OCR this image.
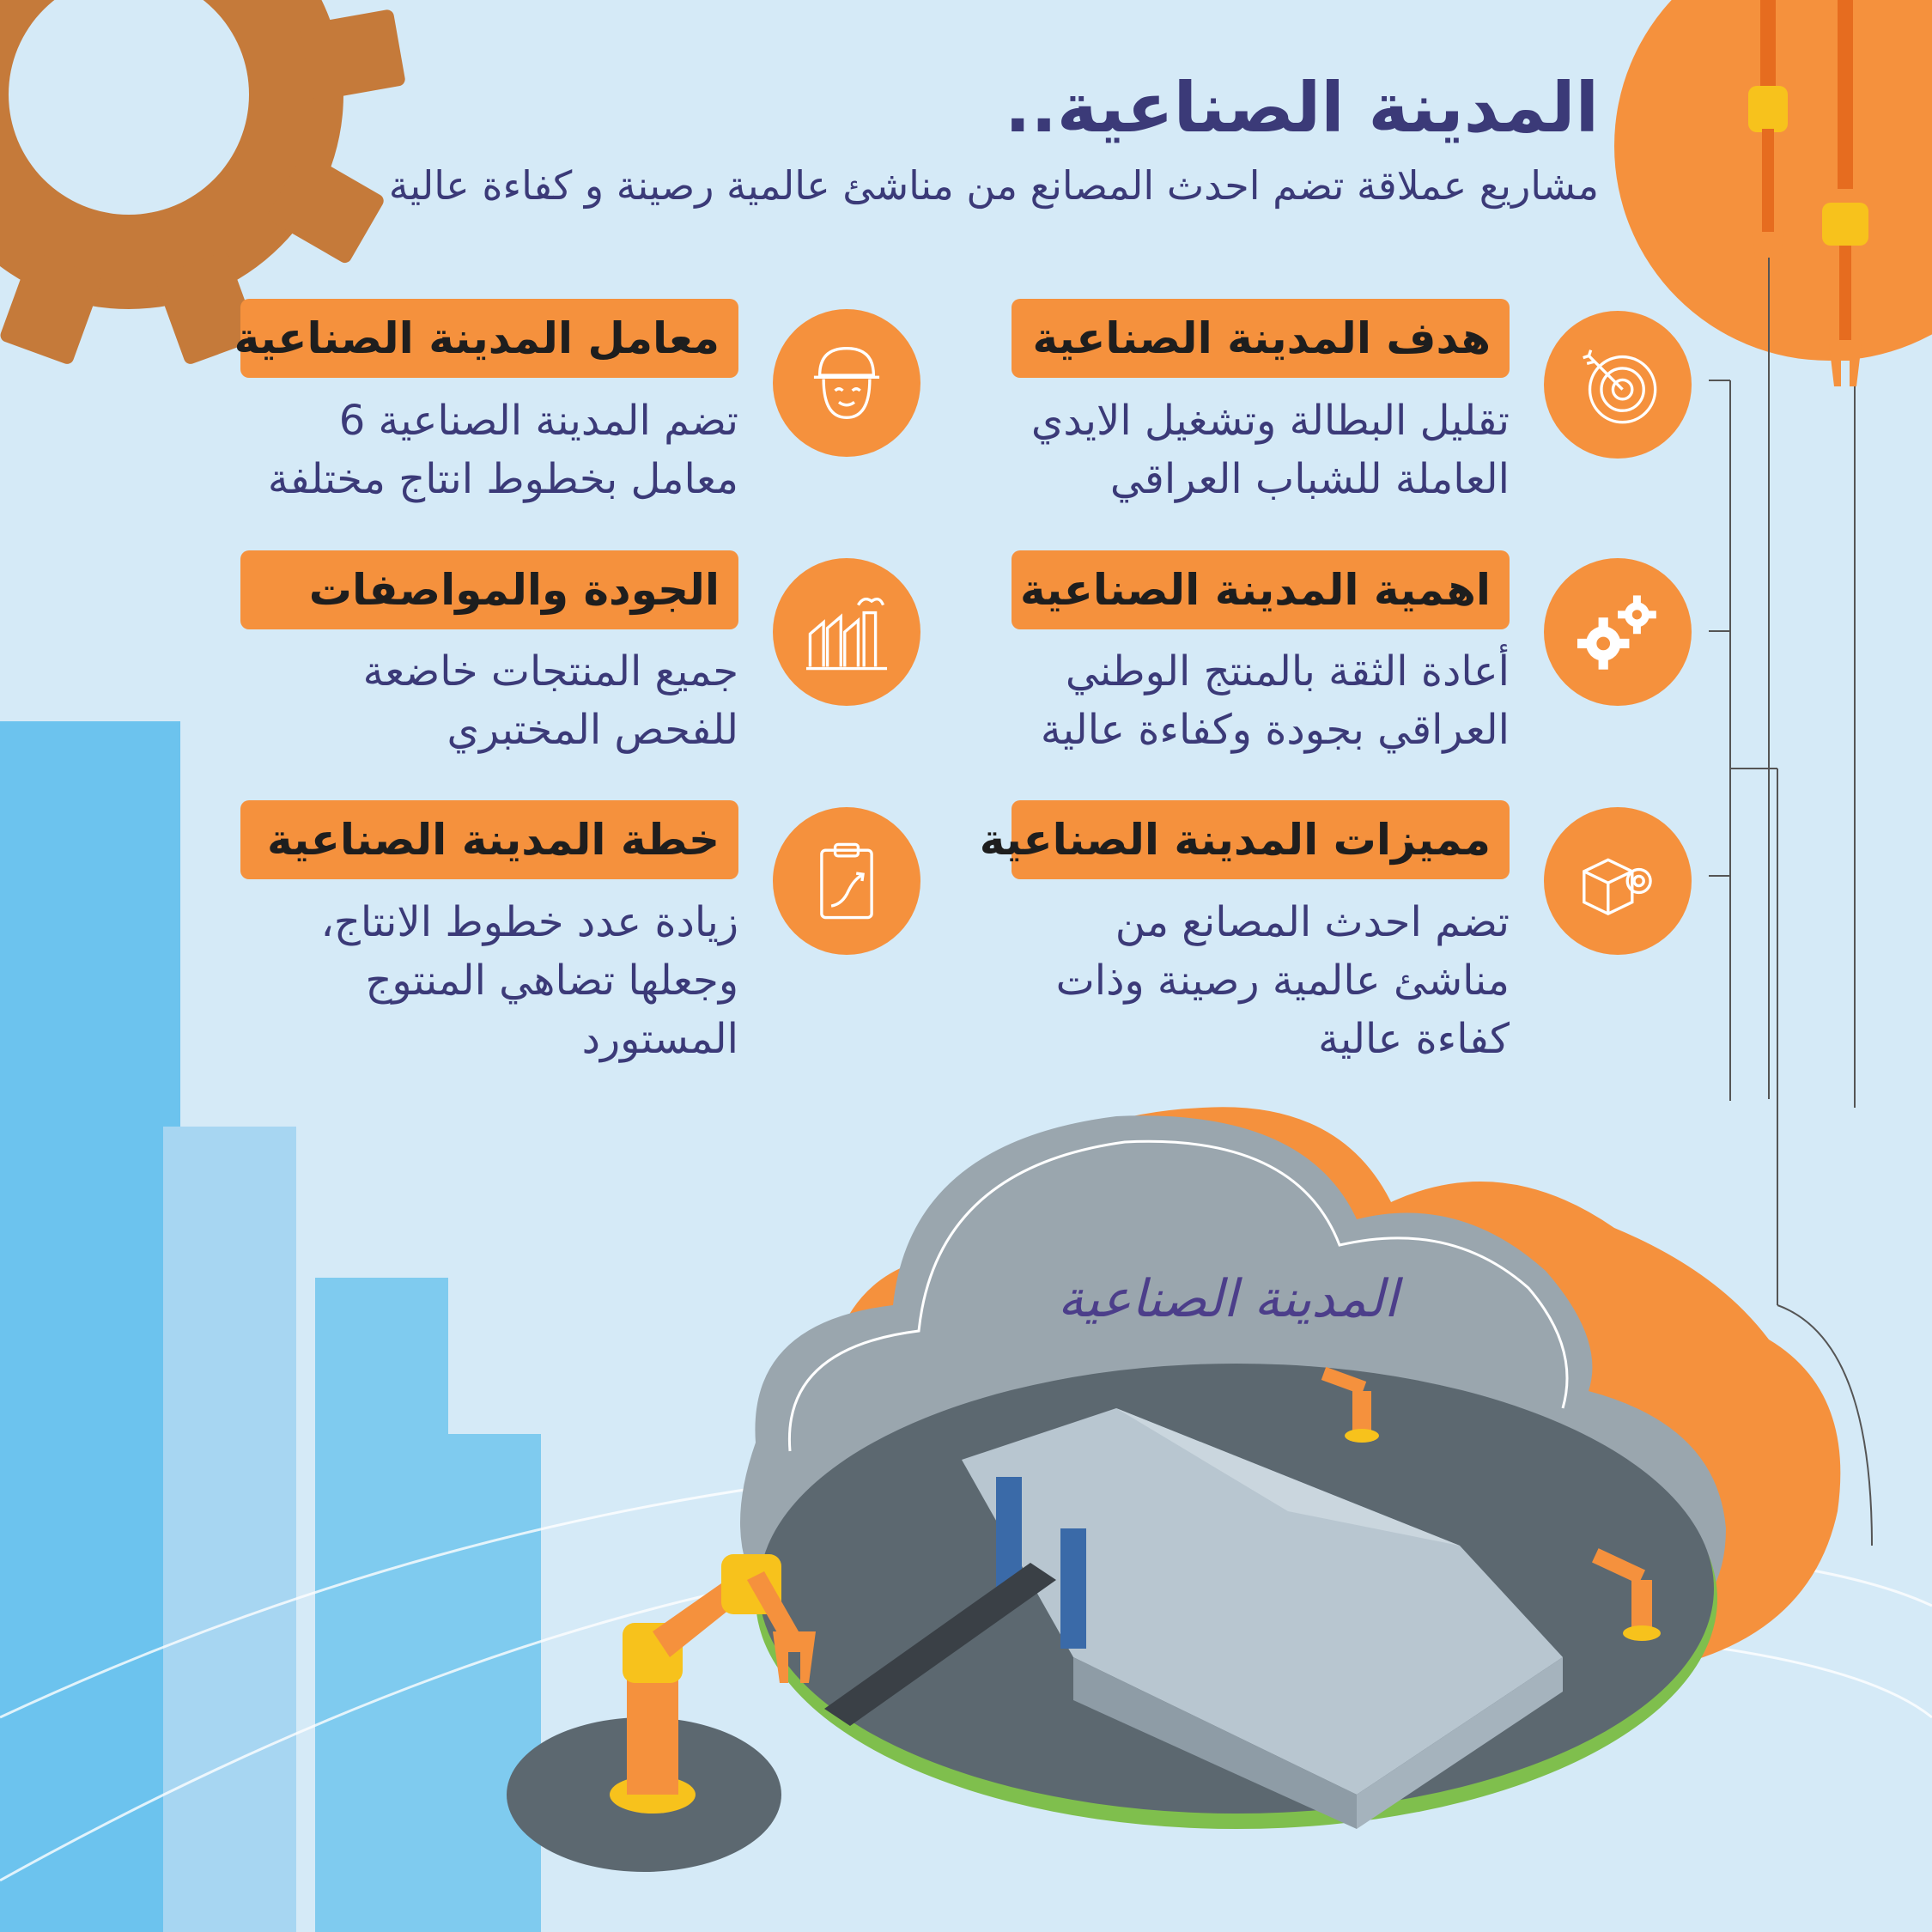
المدينة الصناعية..
مشاريع عملاقة تضم احدث المصانع من مناشئ عالمية رصينة و كفاءة عالية
هدف المدينة الصناعية
تقليل البطالة وتشغيل الايدي
العاملة للشباب العراقي
اهمية المدينة الصناعية
أعادة الثقة بالمنتج الوطني
العراقي بجودة وكفاءة عالية
مميزات المدينة الصناعية
تضم احدث المصانع من
مناشئ عالمية رصينة وذات
كفاءة عالية
معامل المدينة الصناعية
تضم المدينة الصناعية 6
معامل بخطوط انتاج مختلفة
الجودة والمواصفات
جميع المنتجات خاضعة
للفحص المختبري
خطة المدينة الصناعية
زيادة عدد خطوط الانتاج،
وجعلها تضاهي المنتوج
المستورد
المدينة الصناعية
